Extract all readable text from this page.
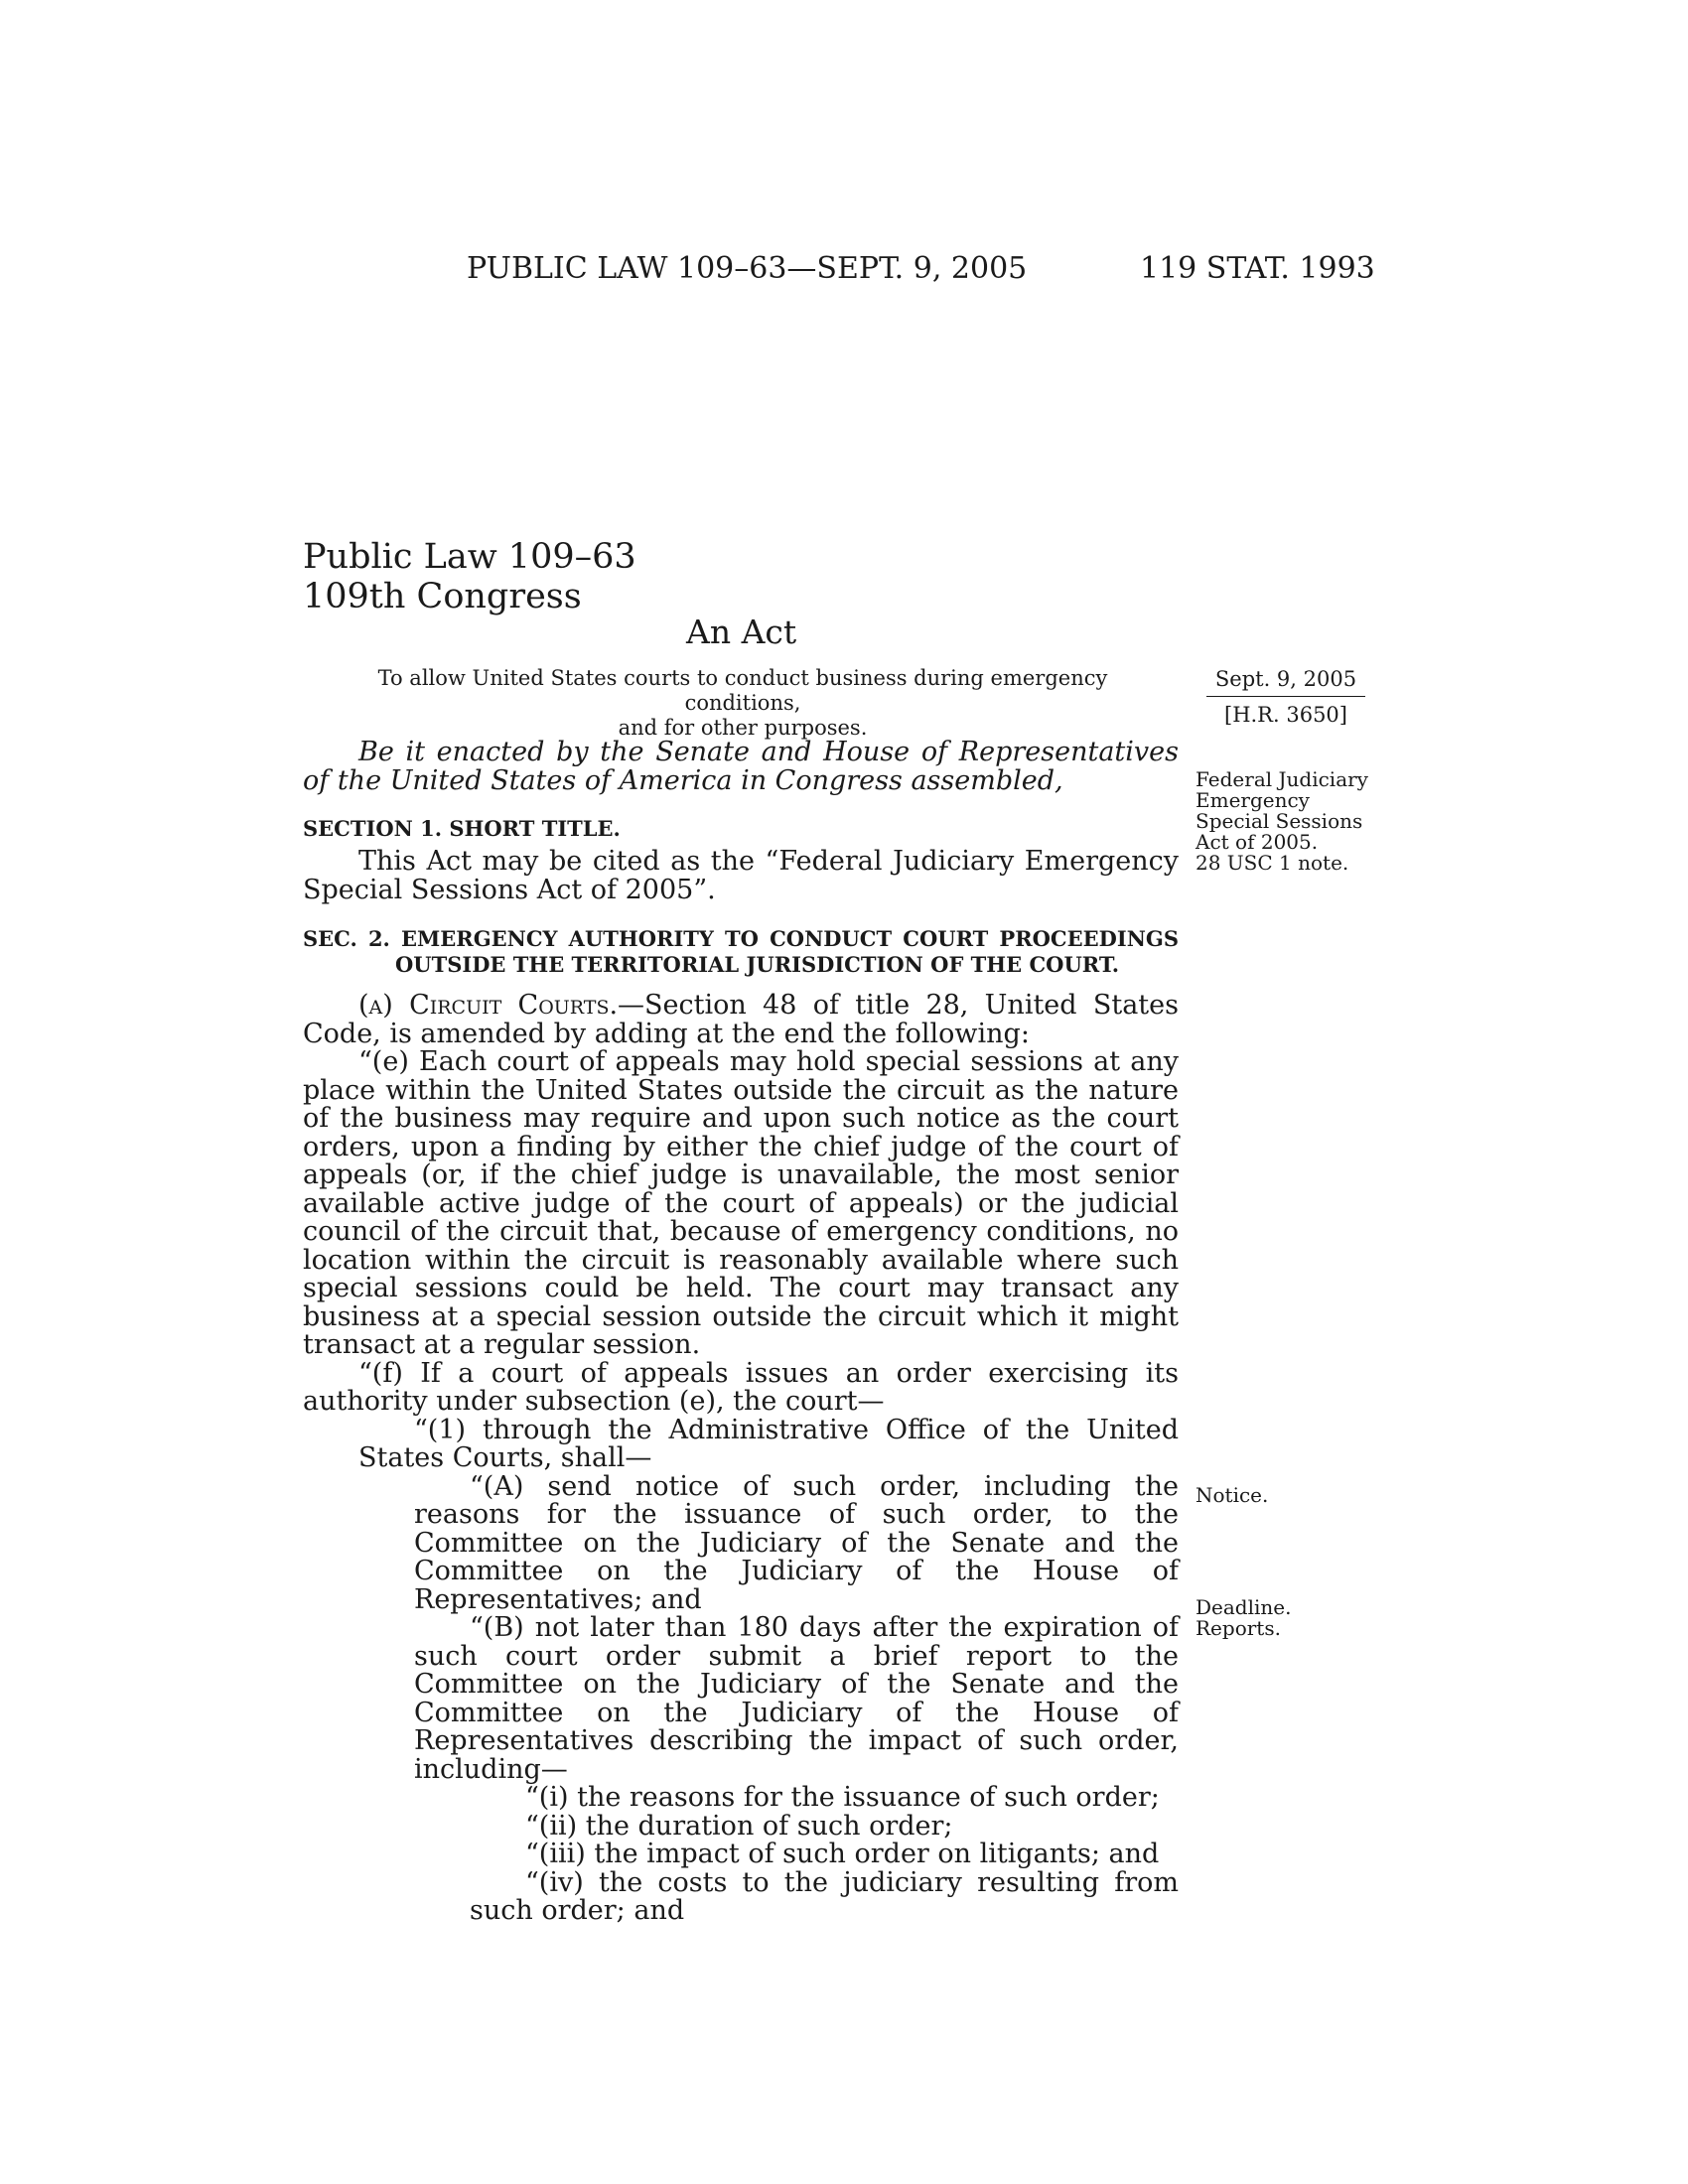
PUBLIC LAW 109–63—SEPT. 9, 2005	119 STAT. 1993
Public Law 109–63
109th Congress
An Act
To allow United States courts to conduct business during emergency conditions,
and for other purposes.
Sept. 9, 2005
[H.R. 3650]
Federal Judiciary
Emergency
Special Sessions
Act of 2005.
28 USC 1 note.
Notice.
Deadline.
Reports.

Be it enacted by the Senate and House of Representatives of the United States of America in Congress assembled,

SECTION 1. SHORT TITLE.

This Act may be cited as the “Federal Judiciary Emergency Special Sessions Act of 2005”.

SEC. 2. EMERGENCY AUTHORITY TO CONDUCT COURT PROCEEDINGS OUTSIDE THE TERRITORIAL JURISDICTION OF THE COURT.

(a) Circuit Courts.—Section 48 of title 28, United States Code, is amended by adding at the end the following:

“(e) Each court of appeals may hold special sessions at any place within the United States outside the circuit as the nature of the business may require and upon such notice as the court orders, upon a finding by either the chief judge of the court of appeals (or, if the chief judge is unavailable, the most senior available active judge of the court of appeals) or the judicial council of the circuit that, because of emergency conditions, no location within the circuit is reasonably available where such special sessions could be held. The court may transact any business at a special session outside the circuit which it might transact at a regular session.

“(f) If a court of appeals issues an order exercising its authority under subsection (e), the court—

“(1) through the Administrative Office of the United States Courts, shall—

“(A) send notice of such order, including the reasons for the issuance of such order, to the Committee on the Judiciary of the Senate and the Committee on the Judiciary of the House of Representatives; and

“(B) not later than 180 days after the expiration of such court order submit a brief report to the Committee on the Judiciary of the Senate and the Committee on the Judiciary of the House of Representatives describing the impact of such order, including—

“(i) the reasons for the issuance of such order;

“(ii) the duration of such order;

“(iii) the impact of such order on litigants; and

“(iv) the costs to the judiciary resulting from such order; and
